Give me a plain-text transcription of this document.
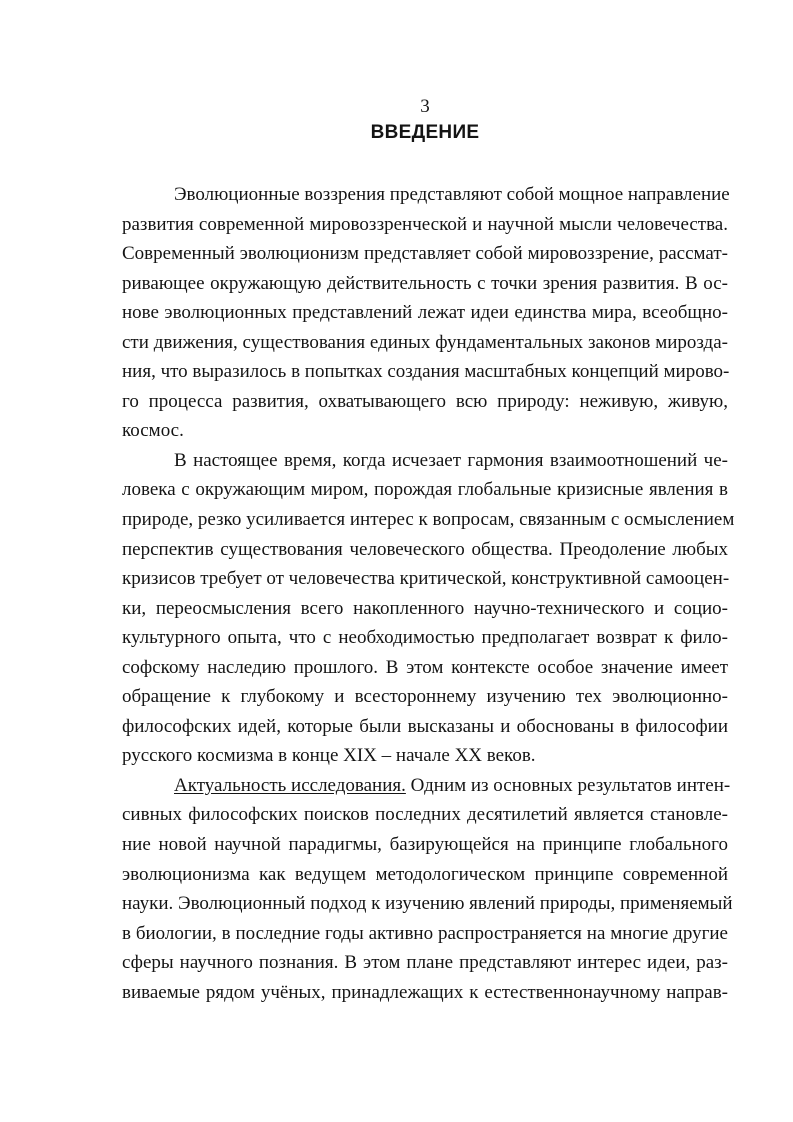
3
ВВЕДЕНИЕ
Эволюционные воззрения представляют собой мощное направление
развития современной мировоззренческой и научной мысли человечества.
Современный эволюционизм представляет собой мировоззрение, рассмат-
ривающее окружающую действительность с точки зрения развития. В ос-
нове эволюционных представлений лежат идеи единства мира, всеобщно-
сти движения, существования единых фундаментальных законов мирозда-
ния, что выразилось в попытках создания масштабных концепций мирово-
го процесса развития, охватывающего всю природу: неживую, живую,
космос.
В настоящее время, когда исчезает гармония взаимоотношений че-
ловека с окружающим миром, порождая глобальные кризисные явления в
природе, резко усиливается интерес к вопросам, связанным с осмыслением
перспектив существования человеческого общества. Преодоление любых
кризисов требует от человечества критической, конструктивной самооцен-
ки, переосмысления всего накопленного научно-технического и социо-
культурного опыта, что с необходимостью предполагает возврат к фило-
софскому наследию прошлого. В этом контексте особое значение имеет
обращение к глубокому и всестороннему изучению тех эволюционно-
философских идей, которые были высказаны и обоснованы в философии
русского космизма в конце XIX – начале XX веков.
Актуальность исследования. Одним из основных результатов интен-
сивных философских поисков последних десятилетий является становле-
ние новой научной парадигмы, базирующейся на принципе глобального
эволюционизма как ведущем методологическом принципе современной
науки. Эволюционный подход к изучению явлений природы, применяемый
в биологии, в последние годы активно распространяется на многие другие
сферы научного познания. В этом плане представляют интерес идеи, раз-
виваемые рядом учёных, принадлежащих к естественнонаучному направ-
